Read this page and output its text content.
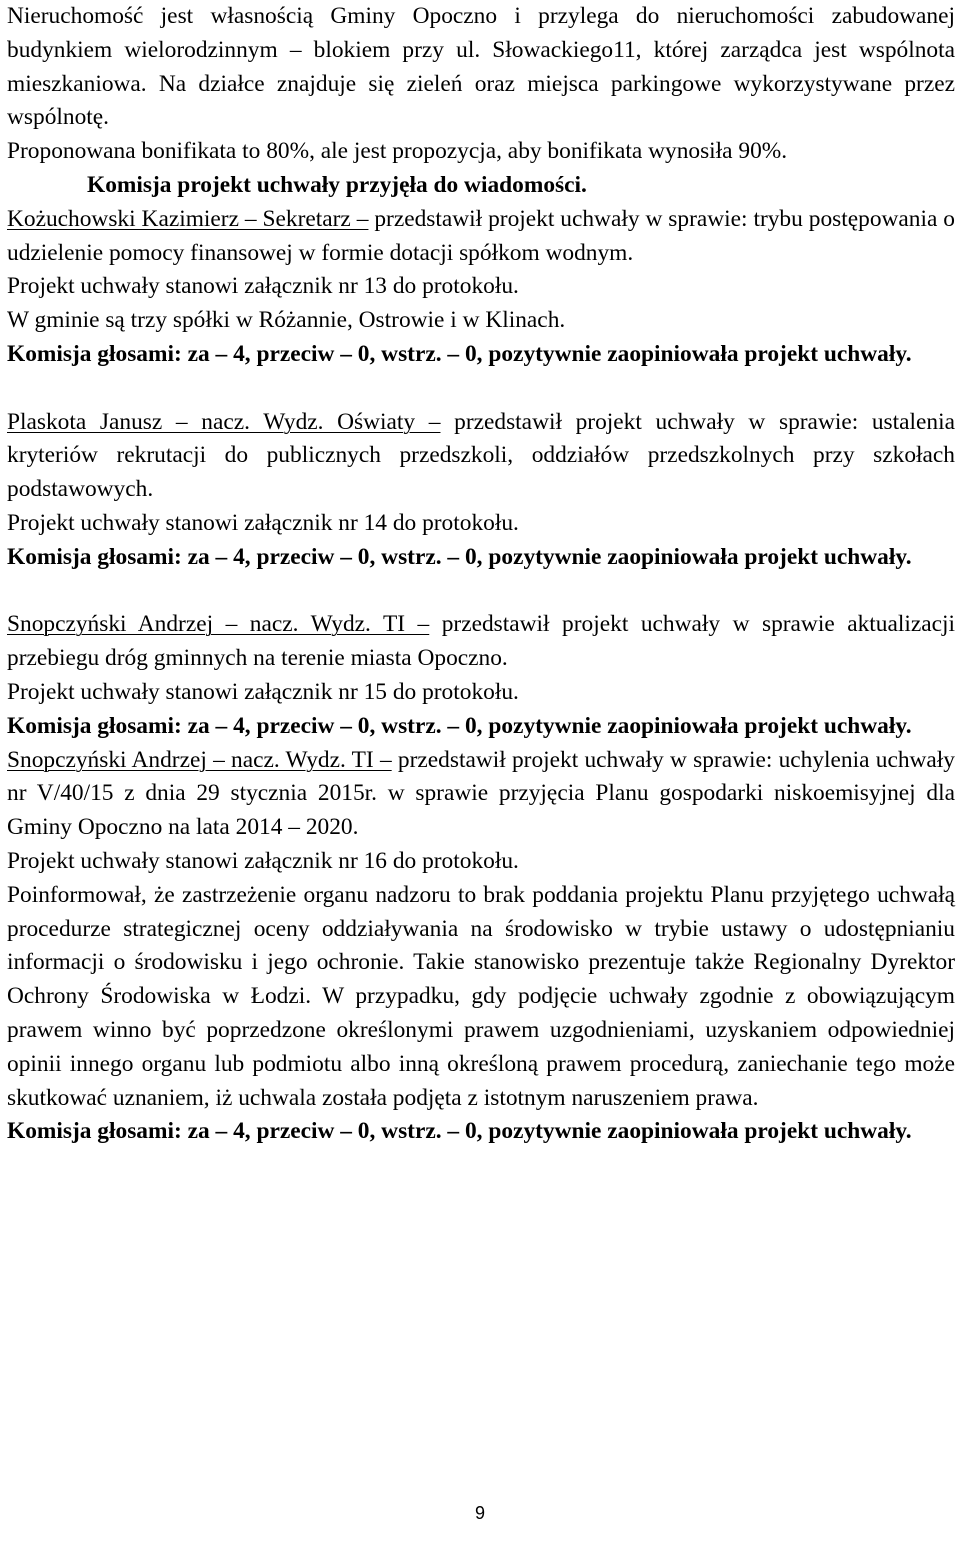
Nieruchomość jest własnością Gminy Opoczno i przylega do nieruchomości zabudowanej budynkiem wielorodzinnym – blokiem przy ul. Słowackiego11, której zarządca jest wspólnota mieszkaniowa. Na działce znajduje się zieleń oraz miejsca parkingowe wykorzystywane przez wspólnotę.

Proponowana bonifikata to 80%, ale jest propozycja, aby bonifikata wynosiła 90%.

Komisja projekt uchwały przyjęła do wiadomości.

Kożuchowski Kazimierz – Sekretarz – przedstawił projekt uchwały w sprawie: trybu postępowania o udzielenie pomocy finansowej w formie dotacji spółkom wodnym.

Projekt uchwały stanowi załącznik nr 13 do protokołu.

W gminie są trzy spółki w Różannie, Ostrowie i w Klinach.

Komisja głosami: za – 4, przeciw – 0, wstrz. – 0, pozytywnie zaopiniowała projekt uchwały.

Plaskota Janusz – nacz. Wydz. Oświaty – przedstawił projekt uchwały w sprawie: ustalenia kryteriów rekrutacji do publicznych przedszkoli, oddziałów przedszkolnych przy szkołach podstawowych.

Projekt uchwały stanowi załącznik nr 14 do protokołu.

Komisja głosami: za – 4, przeciw – 0, wstrz. – 0, pozytywnie zaopiniowała projekt uchwały.

Snopczyński Andrzej – nacz. Wydz. TI – przedstawił projekt uchwały w sprawie aktualizacji przebiegu dróg gminnych na terenie miasta Opoczno.

Projekt uchwały stanowi załącznik nr 15 do protokołu.

Komisja głosami: za – 4, przeciw – 0, wstrz. – 0, pozytywnie zaopiniowała projekt uchwały.

Snopczyński Andrzej – nacz. Wydz. TI – przedstawił projekt uchwały w sprawie: uchylenia uchwały nr V/40/15 z dnia 29 stycznia 2015r. w sprawie przyjęcia Planu gospodarki niskoemisyjnej dla Gminy Opoczno na lata 2014 – 2020.

Projekt uchwały stanowi załącznik nr 16 do protokołu.

Poinformował, że zastrzeżenie organu nadzoru to brak poddania projektu Planu przyjętego uchwałą procedurze strategicznej oceny oddziaływania na środowisko w trybie ustawy o udostępnianiu informacji o środowisku i jego ochronie. Takie stanowisko prezentuje także Regionalny Dyrektor Ochrony Środowiska w Łodzi. W przypadku, gdy podjęcie uchwały zgodnie z obowiązującym prawem winno być poprzedzone określonymi prawem uzgodnieniami, uzyskaniem odpowiedniej opinii innego organu lub podmiotu albo inną określoną prawem procedurą, zaniechanie tego może skutkować uznaniem, iż uchwala została podjęta z istotnym naruszeniem prawa.

Komisja głosami: za – 4, przeciw – 0, wstrz. – 0, pozytywnie zaopiniowała projekt uchwały.

9
